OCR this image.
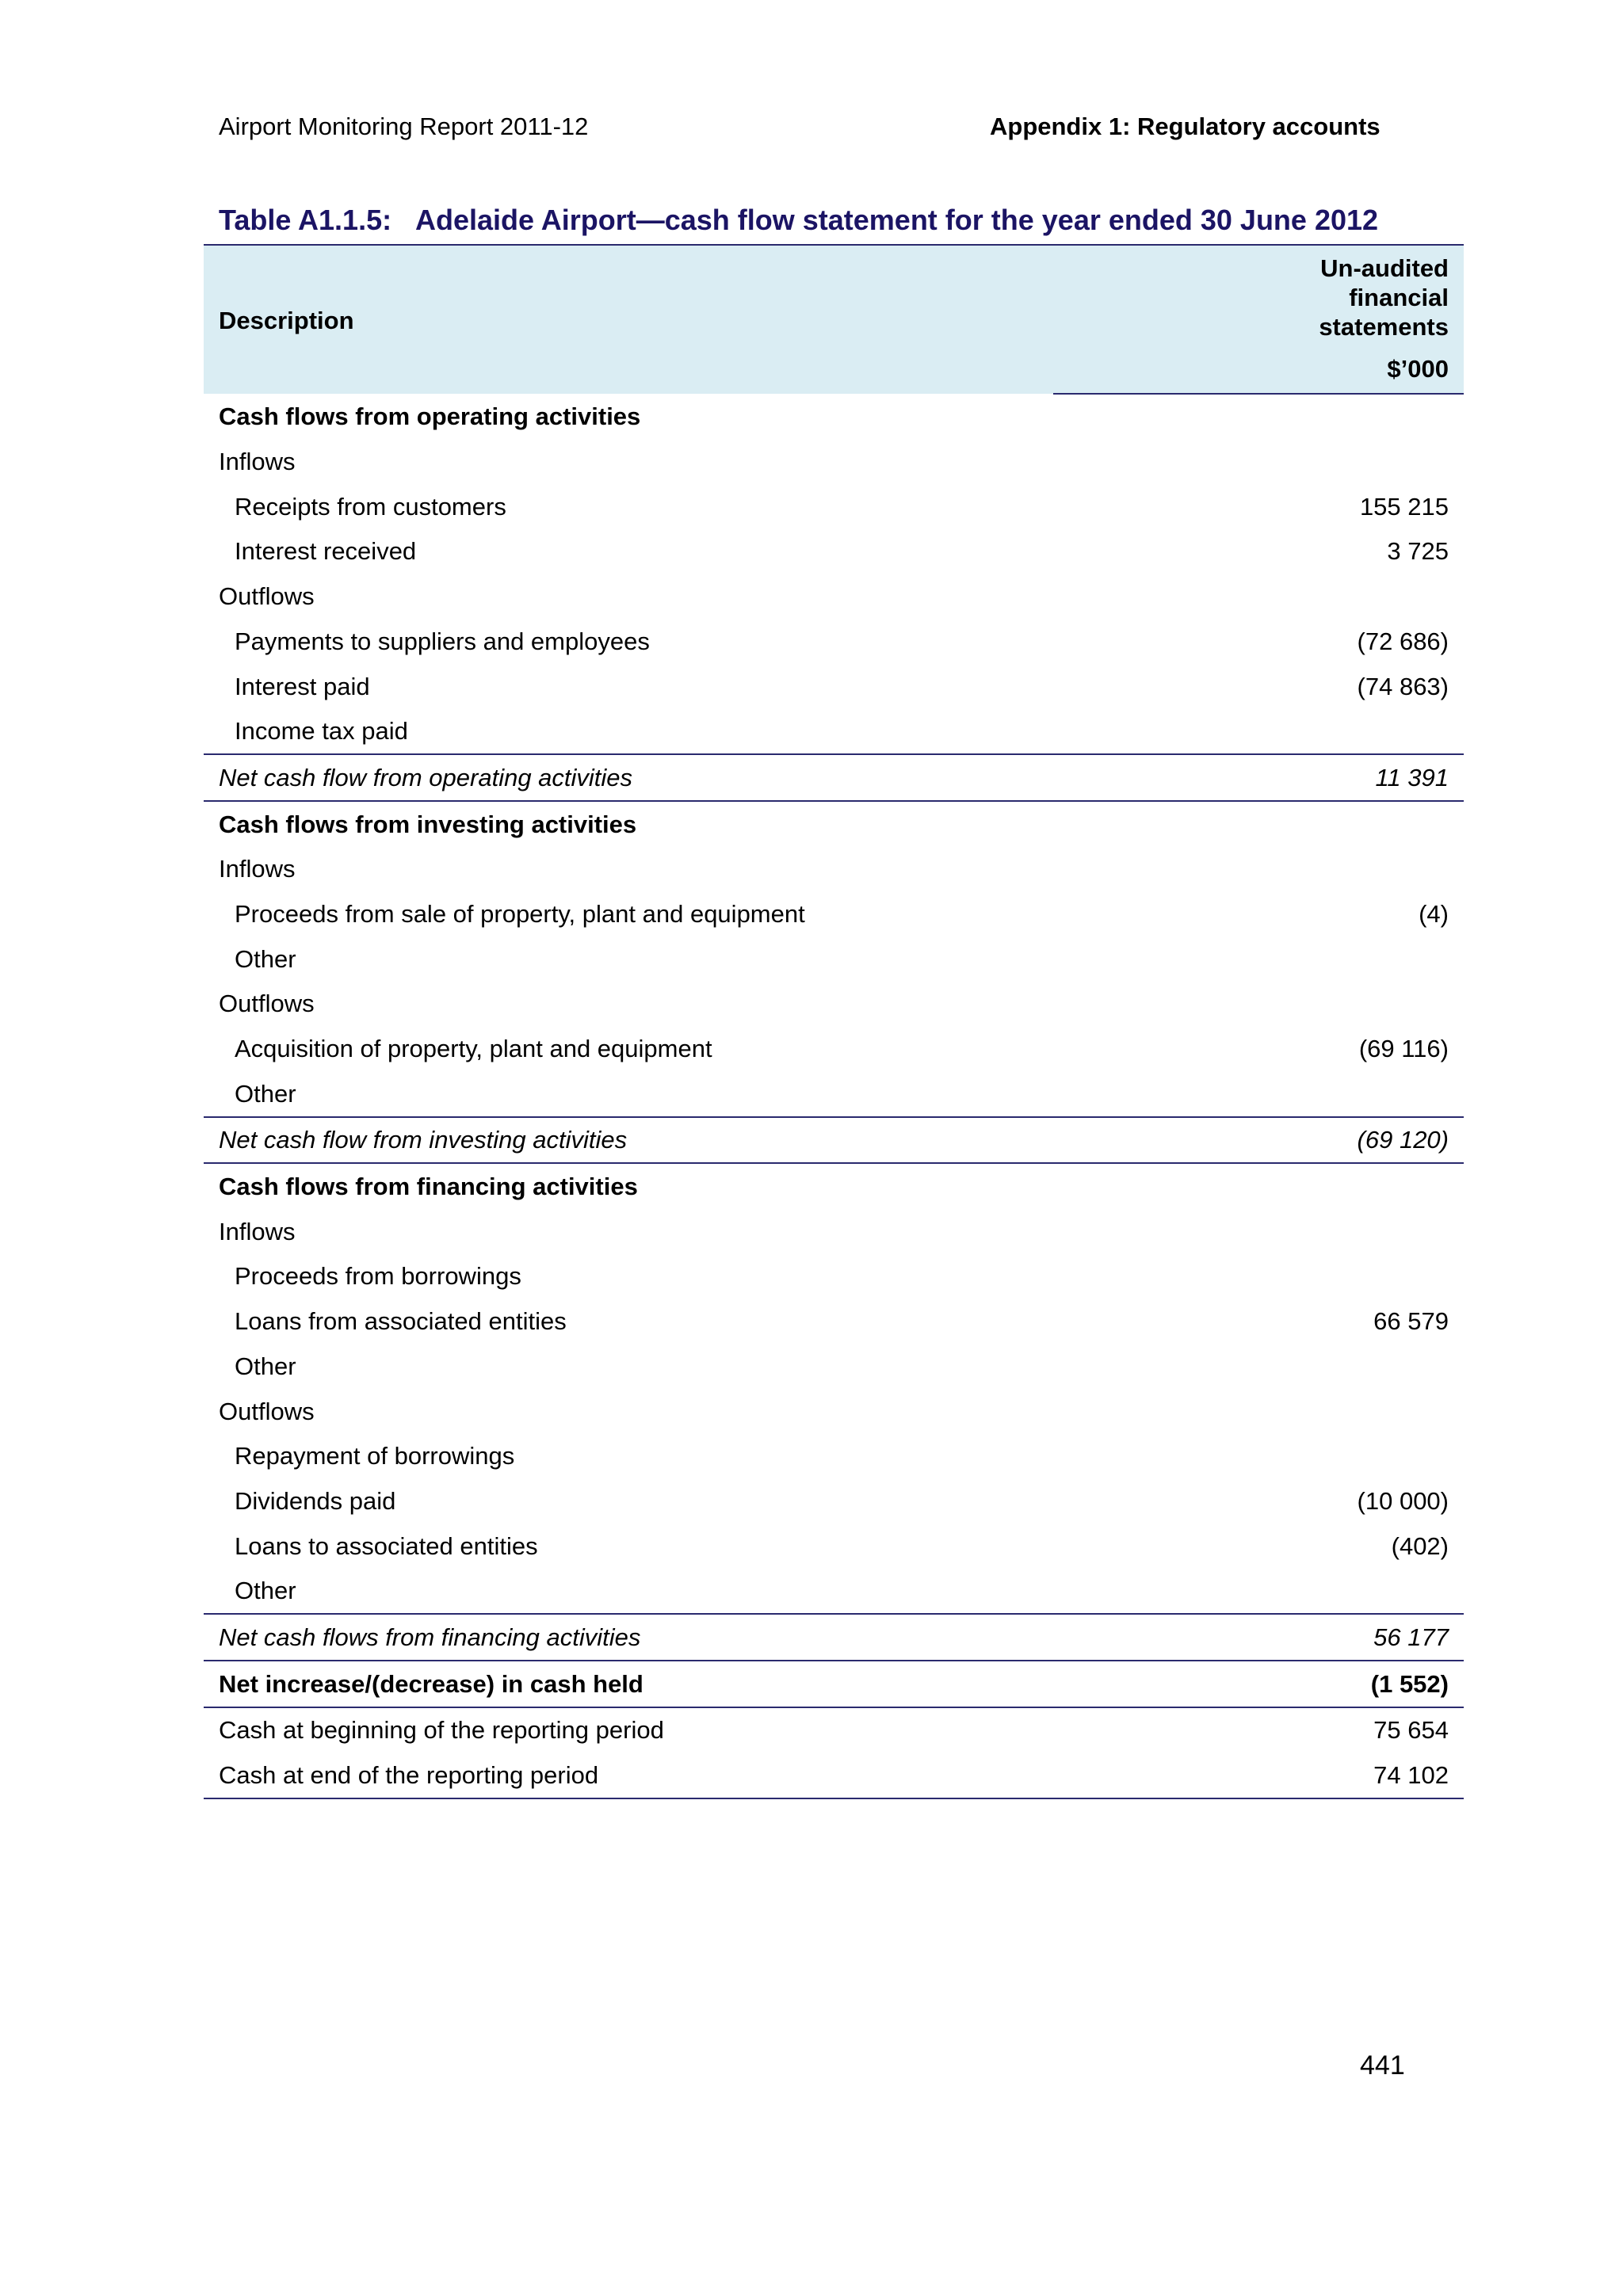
Airport Monitoring Report 2011-12	Appendix 1: Regulatory accounts
Table A1.1.5: Adelaide Airport—cash flow statement for the year ended 30 June 2012
Description	Un-audited
financial
statements

	$’000
Cash flows from operating activities	
Inflows	
Receipts from customers	155 215
Interest received	3 725
Outflows	
Payments to suppliers and employees	(72 686)
Interest paid	(74 863)
Income tax paid	
Net cash flow from operating activities	11 391
Cash flows from investing activities	
Inflows	
Proceeds from sale of property, plant and equipment	(4)
Other	
Outflows	
Acquisition of property, plant and equipment	(69 116)
Other	
Net cash flow from investing activities	(69 120)
Cash flows from financing activities	
Inflows	
Proceeds from borrowings	
Loans from associated entities	66 579
Other	
Outflows	
Repayment of borrowings	
Dividends paid	(10 000)
Loans to associated entities	(402)
Other	
Net cash flows from financing activities	56 177
Net increase/(decrease) in cash held	(1 552)
Cash at beginning of the reporting period	75 654
Cash at end of the reporting period	74 102
441
